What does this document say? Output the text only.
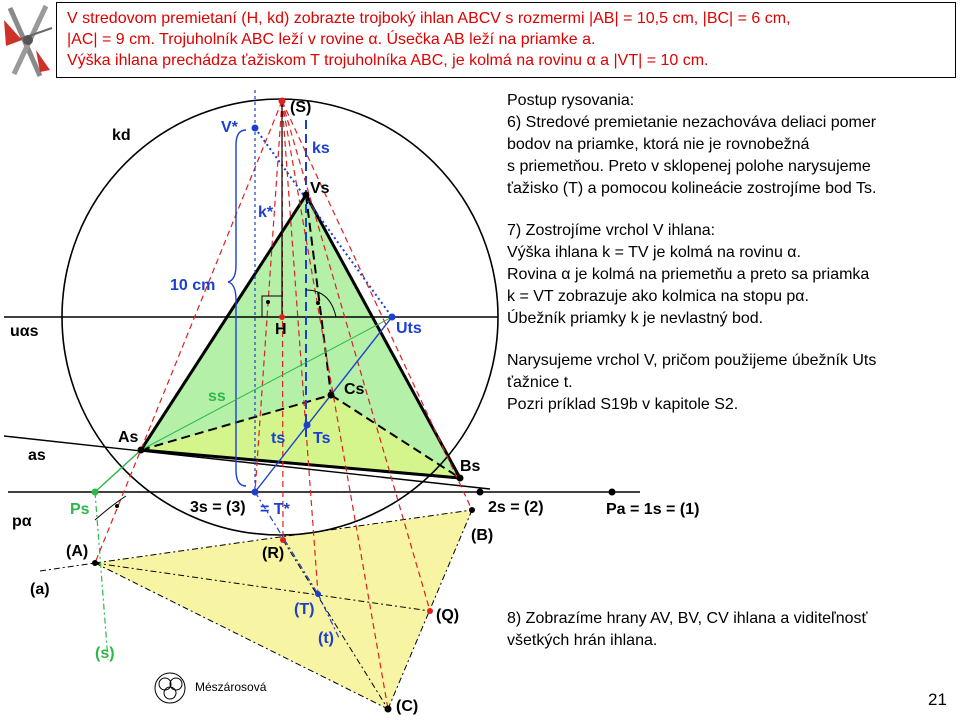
V stredovom premietaní (H, kd) zobrazte trojboký ihlan ABCV s rozmermi |AB| = 10,5 cm, |BC| = 6 cm,
|AC| = 9 cm. Trojuholník ABC leží v rovine α. Úsečka AB leží na priamke a.
Výška ihlana prechádza ťažiskom T trojuholníka ABC, je kolmá na rovinu α a |VT| = 10 cm.
(S)
V*
ks
kd
Vs
k*
10 cm
H
uαs	Uts
Cs
ss
As	ts Ts
as
Bs
3s = (3) = T*	2s = (2)
Ps
pα
Pa = 1s = (1)
(B)
(A)	(R)
(a)
(T)	(Q)
(t)
(s)
(C)
Postup rysovania:
6) Stredové premietanie nezachováva deliaci pomer
bodov na priamke, ktorá nie je rovnobežná
s priemetňou. Preto v sklopenej polohe narysujeme
ťažisko (T) a pomocou kolineácie zostrojíme bod Ts.
7) Zostrojíme vrchol V ihlana:
Výška ihlana k = TV je kolmá na rovinu α.
Rovina α je kolmá na priemetňu a preto sa priamka
k = VT zobrazuje ako kolmica na stopu pα.
Úbežník priamky k je nevlastný bod.
Narysujeme vrchol V, pričom použijeme úbežník Uts
ťažnice t.
Pozri príklad S19b v kapitole S2.
8) Zobrazíme hrany AV, BV, CV ihlana a viditeľnosť
všetkých hrán ihlana.
Mészárosová
21
